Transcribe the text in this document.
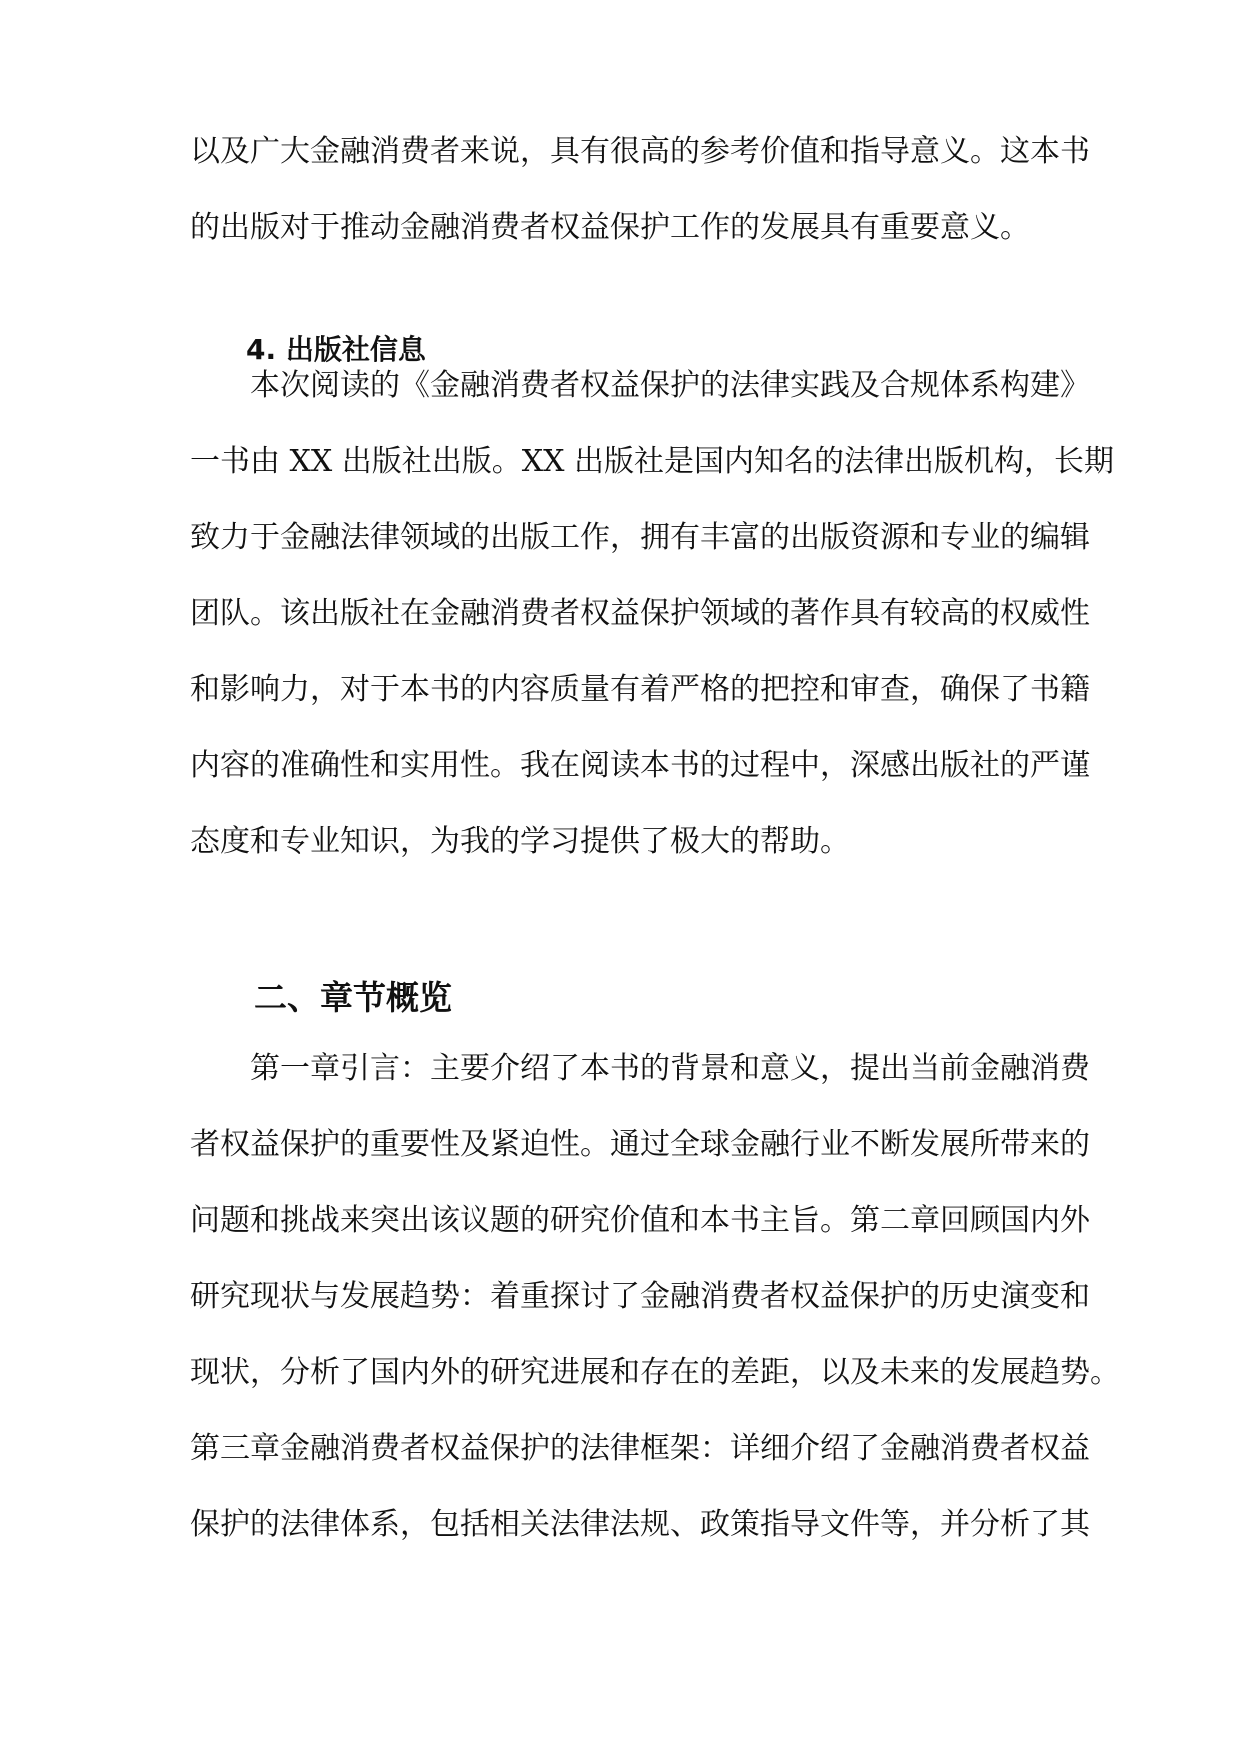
以及广大金融消费者来说，具有很高的参考价值和指导意义。这本书
的出版对于推动金融消费者权益保护工作的发展具有重要意义。
4. 出版社信息
　　本次阅读的《金融消费者权益保护的法律实践及合规体系构建》
一书由 XX 出版社出版。XX 出版社是国内知名的法律出版机构，长期
致力于金融法律领域的出版工作，拥有丰富的出版资源和专业的编辑
团队。该出版社在金融消费者权益保护领域的著作具有较高的权威性
和影响力，对于本书的内容质量有着严格的把控和审查，确保了书籍
内容的准确性和实用性。我在阅读本书的过程中，深感出版社的严谨
态度和专业知识，为我的学习提供了极大的帮助。
二、章节概览
　　第一章引言：主要介绍了本书的背景和意义，提出当前金融消费
者权益保护的重要性及紧迫性。通过全球金融行业不断发展所带来的
问题和挑战来突出该议题的研究价值和本书主旨。第二章回顾国内外
研究现状与发展趋势：着重探讨了金融消费者权益保护的历史演变和
现状，分析了国内外的研究进展和存在的差距，以及未来的发展趋势。
第三章金融消费者权益保护的法律框架：详细介绍了金融消费者权益
保护的法律体系，包括相关法律法规、政策指导文件等，并分析了其
